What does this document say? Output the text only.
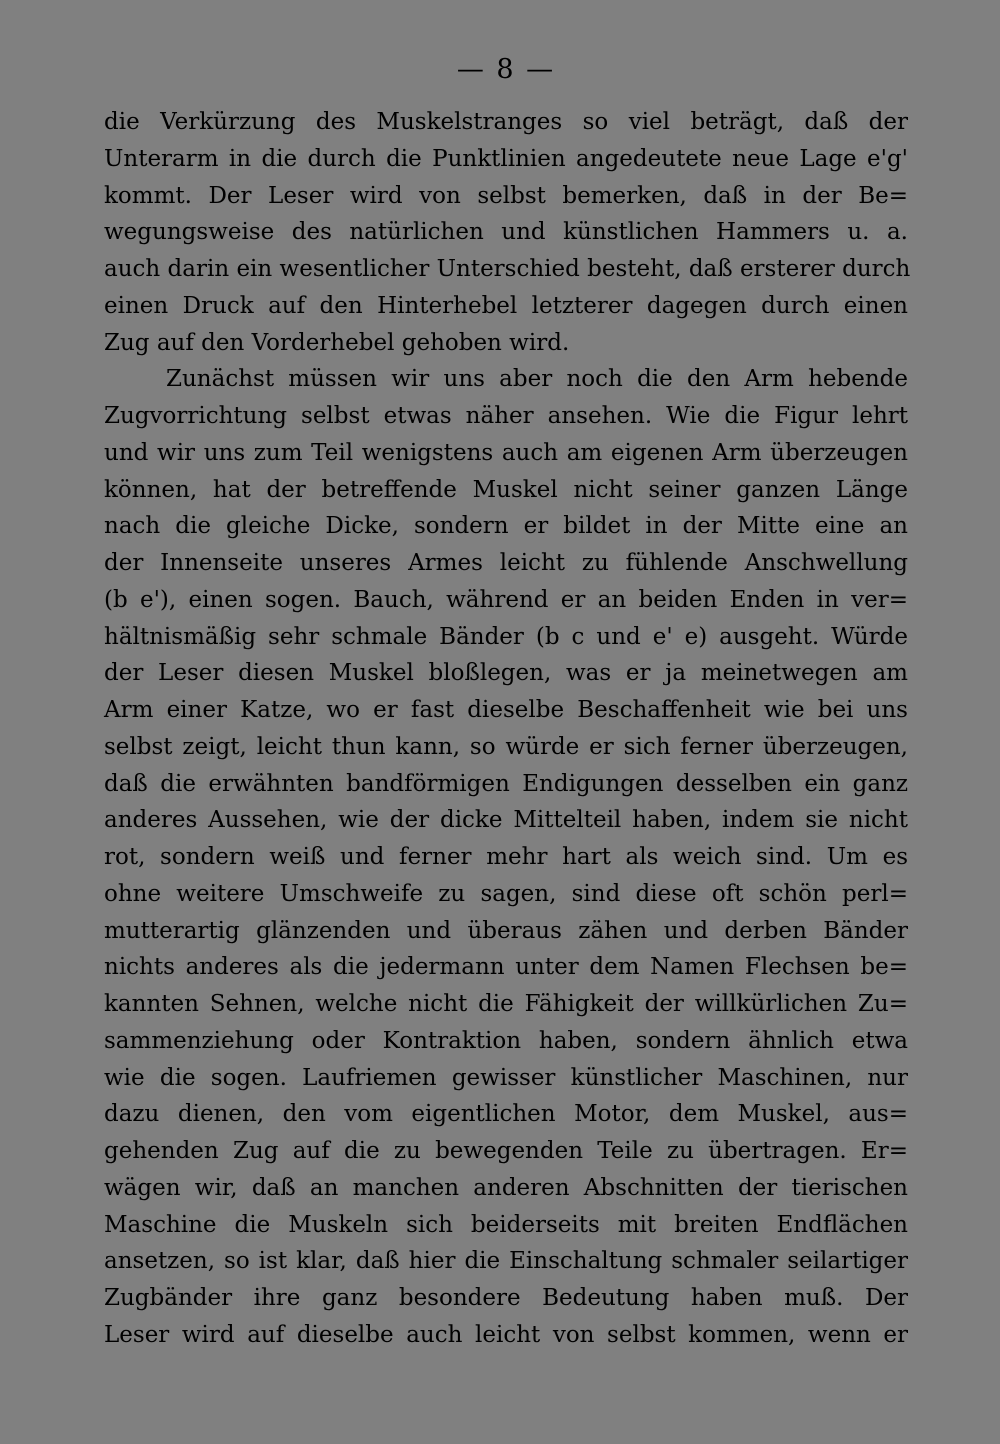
— 8 —
die Verkürzung des Muskelstranges so viel beträgt, daß der
Unterarm in die durch die Punktlinien angedeutete neue Lage e'g'
kommt. Der Leser wird von selbst bemerken, daß in der Be=
wegungsweise des natürlichen und künstlichen Hammers u. a.
auch darin ein wesentlicher Unterschied besteht, daß ersterer durch
einen Druck auf den Hinterhebel letzterer dagegen durch einen
Zug auf den Vorderhebel gehoben wird.
Zunächst müssen wir uns aber noch die den Arm hebende
Zugvorrichtung selbst etwas näher ansehen. Wie die Figur lehrt
und wir uns zum Teil wenigstens auch am eigenen Arm überzeugen
können, hat der betreffende Muskel nicht seiner ganzen Länge
nach die gleiche Dicke, sondern er bildet in der Mitte eine an
der Innenseite unseres Armes leicht zu fühlende Anschwellung
(b e'), einen sogen. Bauch, während er an beiden Enden in ver=
hältnismäßig sehr schmale Bänder (b c und e' e) ausgeht. Würde
der Leser diesen Muskel bloßlegen, was er ja meinetwegen am
Arm einer Katze, wo er fast dieselbe Beschaffenheit wie bei uns
selbst zeigt, leicht thun kann, so würde er sich ferner überzeugen,
daß die erwähnten bandförmigen Endigungen desselben ein ganz
anderes Aussehen, wie der dicke Mittelteil haben, indem sie nicht
rot, sondern weiß und ferner mehr hart als weich sind. Um es
ohne weitere Umschweife zu sagen, sind diese oft schön perl=
mutterartig glänzenden und überaus zähen und derben Bänder
nichts anderes als die jedermann unter dem Namen Flechsen be=
kannten Sehnen, welche nicht die Fähigkeit der willkürlichen Zu=
sammenziehung oder Kontraktion haben, sondern ähnlich etwa
wie die sogen. Laufriemen gewisser künstlicher Maschinen, nur
dazu dienen, den vom eigentlichen Motor, dem Muskel, aus=
gehenden Zug auf die zu bewegenden Teile zu übertragen. Er=
wägen wir, daß an manchen anderen Abschnitten der tierischen
Maschine die Muskeln sich beiderseits mit breiten Endflächen
ansetzen, so ist klar, daß hier die Einschaltung schmaler seilartiger
Zugbänder ihre ganz besondere Bedeutung haben muß. Der
Leser wird auf dieselbe auch leicht von selbst kommen, wenn er
